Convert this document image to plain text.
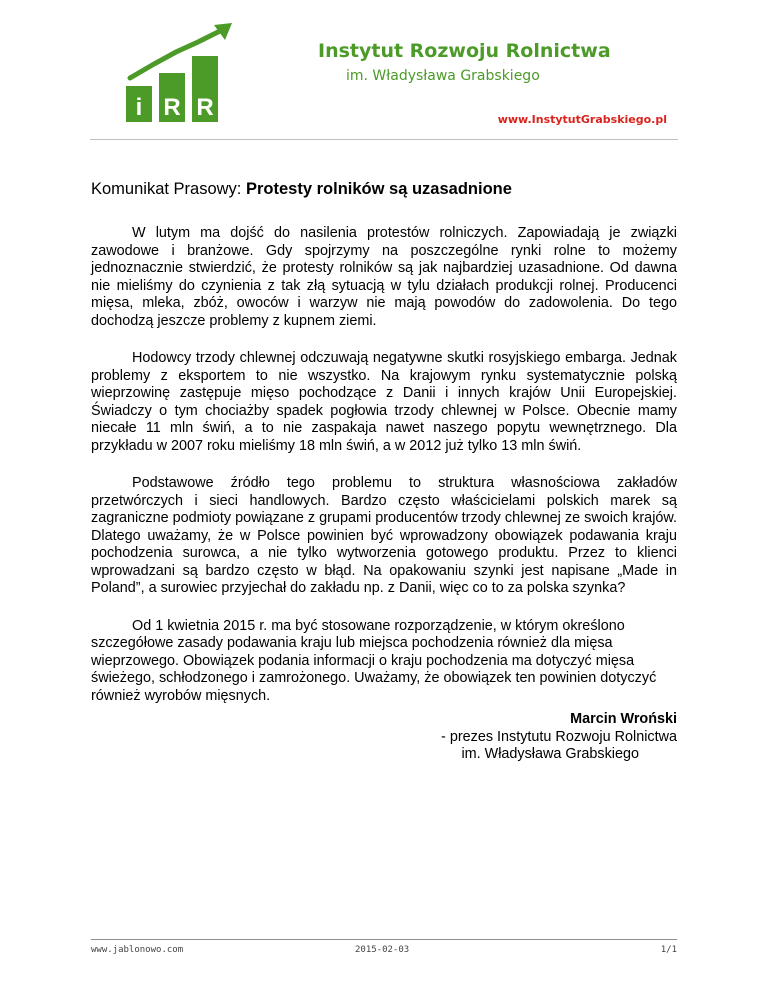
i R R
Instytut Rozwoju Rolnictwa
im. Władysława Grabskiego
www.InstytutGrabskiego.pl
Komunikat Prasowy: Protesty rolników są uzasadnione

W lutym ma dojść do nasilenia protestów rolniczych. Zapowiadają je związki zawodowe i branżowe. Gdy spojrzymy na poszczególne rynki rolne to możemy jednoznacznie stwierdzić, że protesty rolników są jak najbardziej uzasadnione. Od dawna nie mieliśmy do czynienia z tak złą sytuacją w tylu działach produkcji rolnej. Producenci mięsa, mleka, zbóż, owoców i warzyw nie mają powodów do zadowolenia. Do tego dochodzą jeszcze problemy z kupnem ziemi.

Hodowcy trzody chlewnej odczuwają negatywne skutki rosyjskiego embarga. Jednak problemy z eksportem to nie wszystko. Na krajowym rynku systematycznie polską wieprzowinę zastępuje mięso pochodzące z Danii i innych krajów Unii Europejskiej. Świadczy o tym chociażby spadek pogłowia trzody chlewnej w Polsce. Obecnie mamy niecałe 11 mln świń, a to nie zaspakaja nawet naszego popytu wewnętrznego. Dla przykładu w 2007 roku mieliśmy 18 mln świń, a w 2012 już tylko 13 mln świń.

Podstawowe źródło tego problemu to struktura własnościowa zakładów przetwórczych i sieci handlowych. Bardzo często właścicielami polskich marek są zagraniczne podmioty powiązane z grupami producentów trzody chlewnej ze swoich krajów. Dlatego uważamy, że w Polsce powinien być wprowadzony obowiązek podawania kraju pochodzenia surowca, a nie tylko wytworzenia gotowego produktu. Przez to klienci wprowadzani są bardzo często w błąd. Na opakowaniu szynki jest napisane „Made in Poland”, a surowiec przyjechał do zakładu np. z Danii, więc co to za polska szynka?

Od 1 kwietnia 2015 r. ma być stosowane rozporządzenie, w którym określono szczegółowe zasady podawania kraju lub miejsca pochodzenia również dla mięsa wieprzowego. Obowiązek podania informacji o kraju pochodzenia ma dotyczyć mięsa świeżego, schłodzonego i zamrożonego. Uważamy, że obowiązek ten powinien dotyczyć również wyrobów mięsnych.

Marcin Wroński
- prezes Instytutu Rozwoju Rolnictwa
im. Władysława Grabskiego
www.jablonowo.com	2015-02-03	1/1
